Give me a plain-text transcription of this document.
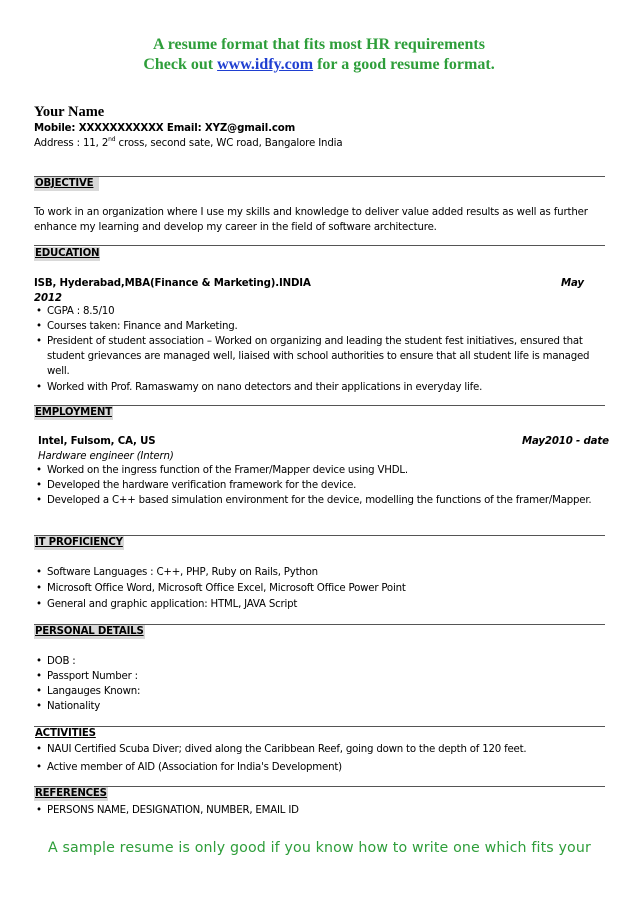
A resume format that fits most HR requirements
Check out www.idfy.com for a good resume format.
Your Name
Mobile: XXXXXXXXXXX Email: XYZ@gmail.com
Address : 11, 2nd cross, second sate, WC road, Bangalore India
OBJECTIVE
To work in an organization where I use my skills and knowledge to deliver value added results as well as further
enhance my learning and develop my career in the field of software architecture.
EDUCATION
ISB, Hyderabad,MBA(Finance & Marketing).INDIA	May
2012
• CGPA : 8.5/10
• Courses taken: Finance and Marketing.
• President of student association – Worked on organizing and leading the student fest initiatives, ensured that student grievances are managed well, liaised with school authorities to ensure that all student life is managed well.
• Worked with Prof. Ramaswamy on nano detectors and their applications in everyday life.
EMPLOYMENT
Intel, Fulsom, CA, US	May2010 - date
Hardware engineer (Intern)
• Worked on the ingress function of the Framer/Mapper device using VHDL.
• Developed the hardware verification framework for the device.
• Developed a C++ based simulation environment for the device, modelling the functions of the framer/Mapper.
IT PROFICIENCY
• Software Languages : C++, PHP, Ruby on Rails, Python
• Microsoft Office Word, Microsoft Office Excel, Microsoft Office Power Point
• General and graphic application: HTML, JAVA Script
PERSONAL DETAILS
• DOB :
• Passport Number :
• Langauges Known:
• Nationality
ACTIVITIES
• NAUI Certified Scuba Diver; dived along the Caribbean Reef, going down to the depth of 120 feet.
• Active member of AID (Association for India's Development)
REFERENCES
• PERSONS NAME, DESIGNATION, NUMBER, EMAIL ID
A sample resume is only good if you know how to write one which fits your
